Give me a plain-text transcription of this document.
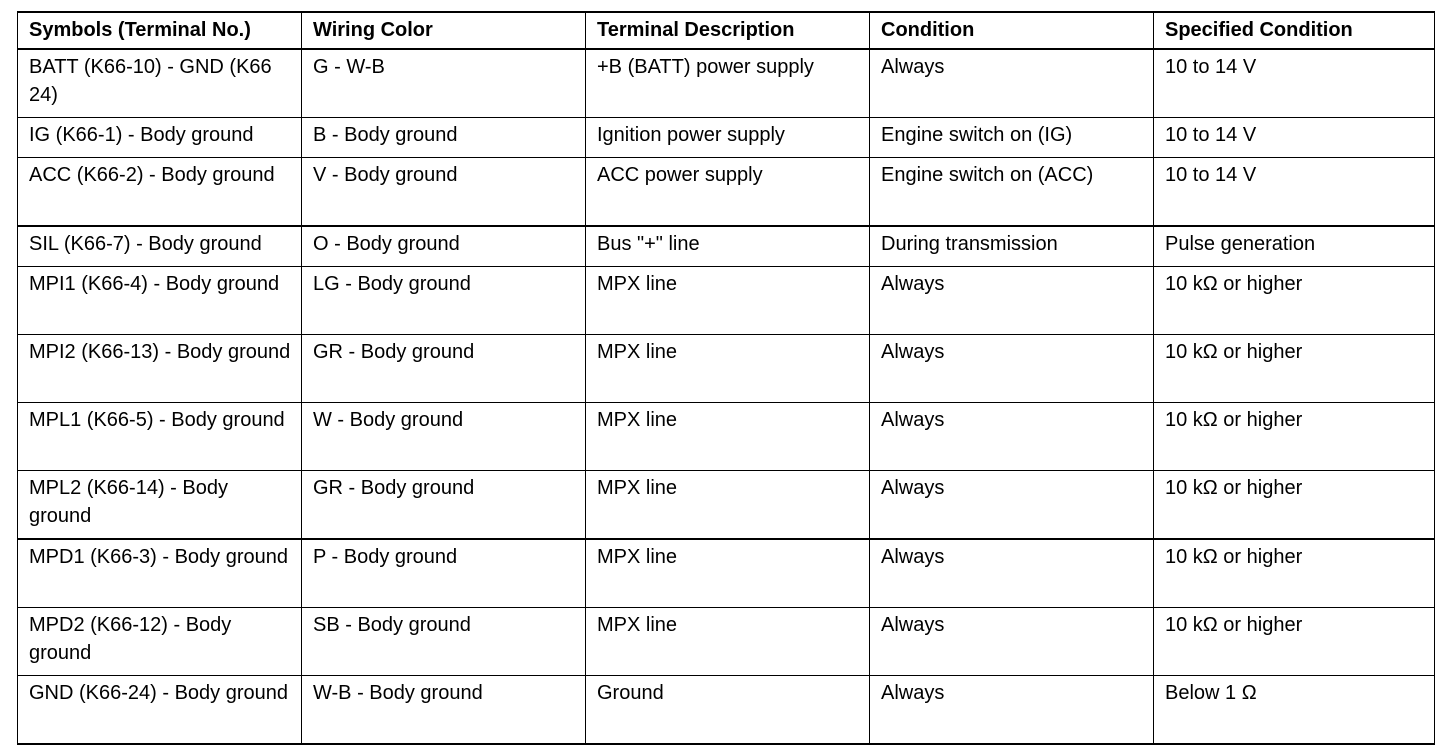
Symbols (Terminal No.)	Wiring Color	Terminal Description	Condition	Specified Condition
BATT (K66-10) - GND (K66 24)	G - W-B	+B (BATT) power supply	Always	10 to 14 V
IG (K66-1) - Body ground	B - Body ground	Ignition power supply	Engine switch on (IG)	10 to 14 V
ACC (K66-2) - Body ground	V - Body ground	ACC power supply	Engine switch on (ACC)	10 to 14 V
SIL (K66-7) - Body ground	O - Body ground	Bus "+" line	During transmission	Pulse generation
MPI1 (K66-4) - Body ground	LG - Body ground	MPX line	Always	10 kΩ or higher
MPI2 (K66-13) - Body ground	GR - Body ground	MPX line	Always	10 kΩ or higher
MPL1 (K66-5) - Body ground	W - Body ground	MPX line	Always	10 kΩ or higher
MPL2 (K66-14) - Body ground	GR - Body ground	MPX line	Always	10 kΩ or higher
MPD1 (K66-3) - Body ground	P - Body ground	MPX line	Always	10 kΩ or higher
MPD2 (K66-12) - Body ground	SB - Body ground	MPX line	Always	10 kΩ or higher
GND (K66-24) - Body ground	W-B - Body ground	Ground	Always	Below 1 Ω
